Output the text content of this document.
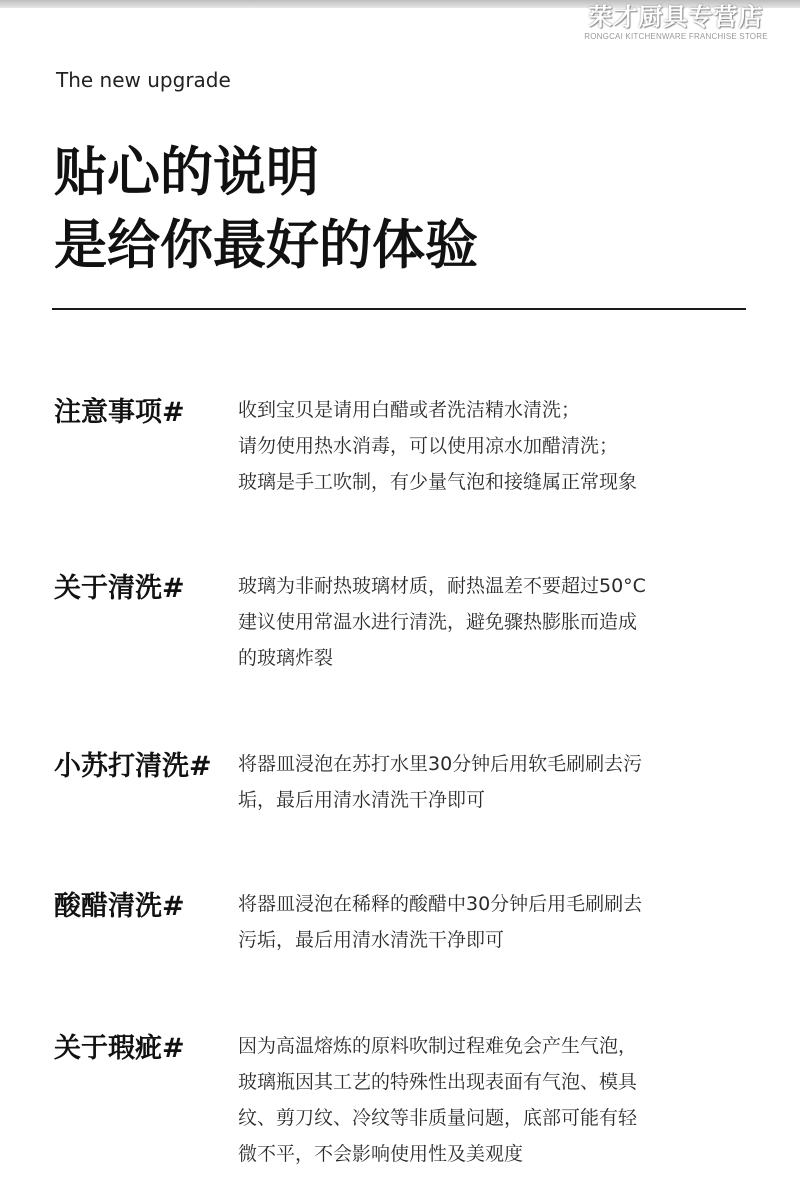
荣才厨具专营店
RONGCAI KITCHENWARE FRANCHISE STORE
The new upgrade
贴心的说明
是给你最好的体验
注意事项#	收到宝贝是请用白醋或者洗洁精水清洗；
请勿使用热水消毒，可以使用凉水加醋清洗；
玻璃是手工吹制，有少量气泡和接缝属正常现象
关于清洗#	玻璃为非耐热玻璃材质，耐热温差不要超过50°C
建议使用常温水进行清洗，避免骤热膨胀而造成
的玻璃炸裂
小苏打清洗# 将器皿浸泡在苏打水里30分钟后用软毛刷刷去污
垢，最后用清水清洗干净即可
酸醋清洗#	将器皿浸泡在稀释的酸醋中30分钟后用毛刷刷去
污垢，最后用清水清洗干净即可
关于瑕疵#	因为高温熔炼的原料吹制过程难免会产生气泡，
玻璃瓶因其工艺的特殊性出现表面有气泡、模具
纹、剪刀纹、冷纹等非质量问题，底部可能有轻
微不平，不会影响使用性及美观度
